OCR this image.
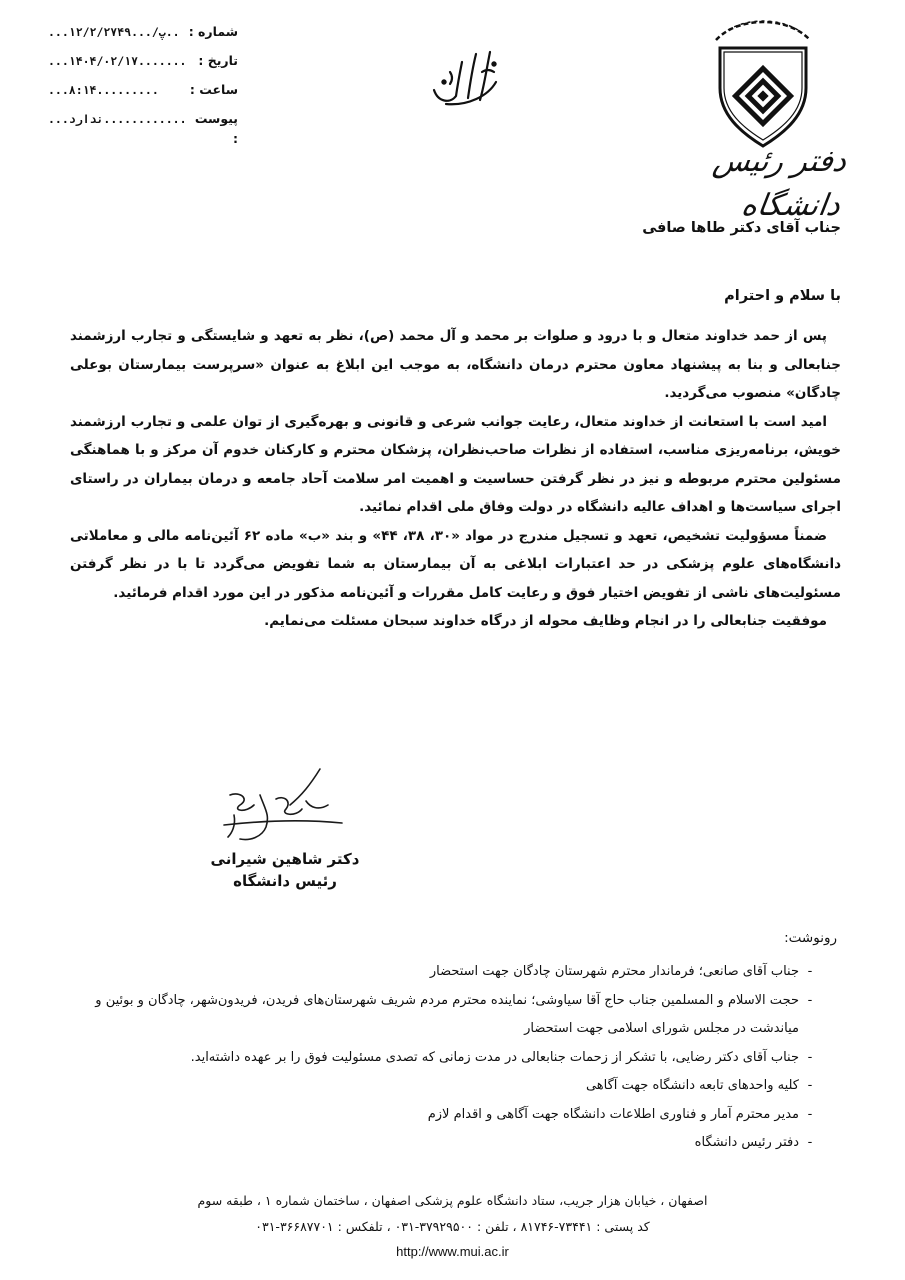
شماره :
...۱۲/۲/۲۷۴۹.../پ..
تاریخ :
...۱۴۰۴/۰۲/۱۷.......
ساعت :
...۸:۱۴.........
پیوست :
...ندارد............
دفتر رئیس دانشگاه
جناب آقای دکتر طاها صافی
با سلام و احترام

پس از حمد خداوند متعال و با درود و صلوات بر محمد و آل محمد (ص)، نظر به تعهد و شایستگی و تجارب ارزشمند جنابعالی و بنا به پیشنهاد معاون محترم درمان دانشگاه، به موجب این ابلاغ به عنوان «سرپرست بیمارستان بوعلی چادگان» منصوب می‌گردید.

امید است با استعانت از خداوند متعال، رعایت جوانب شرعی و قانونی و بهره‌گیری از توان علمی و تجارب ارزشمند خویش، برنامه‌ریزی مناسب، استفاده از نظرات صاحب‌نظران، پزشکان محترم و کارکنان خدوم آن مرکز و با هماهنگی مسئولین محترم مربوطه و نیز در نظر گرفتن حساسیت و اهمیت امر سلامت آحاد جامعه و درمان بیماران در راستای اجرای سیاست‌ها و اهداف عالیه دانشگاه در دولت وفاق ملی اقدام نمائید.

ضمناً مسؤولیت تشخیص، تعهد و تسجیل مندرج در مواد «۳۰، ۳۸، ۴۴» و بند «ب» ماده ۶۲ آئین‌نامه مالی و معاملاتی دانشگاه‌های علوم پزشکی در حد اعتبارات ابلاغی به آن بیمارستان به شما تفویض می‌گردد تا با در نظر گرفتن مسئولیت‌های ناشی از تفویض اختیار فوق و رعایت کامل مقررات و آئین‌نامه مذکور در این مورد اقدام فرمائید.

موفقیت جنابعالی را در انجام وظایف محوله از درگاه خداوند سبحان مسئلت می‌نمایم.

دکتر شاهین شیرانی
رئیس دانشگاه
رونوشت:
-
جناب آقای صانعی؛ فرماندار محترم شهرستان چادگان جهت استحضار
-
حجت الاسلام و المسلمین جناب حاج آقا سیاوشی؛ نماینده محترم مردم شریف شهرستان‌های فریدن، فریدون‌شهر، چادگان و بوئین و میاندشت در مجلس شورای اسلامی جهت استحضار
-
جناب آقای دکتر رضایی، با تشکر از زحمات جنابعالی در مدت زمانی که تصدی مسئولیت فوق را بر عهده داشته‌اید.
-
کلیه واحدهای تابعه دانشگاه جهت آگاهی
-
مدیر محترم آمار و فناوری اطلاعات دانشگاه جهت آگاهی و اقدام لازم
-
دفتر رئیس دانشگاه
اصفهان ، خیابان هزار جریب، ستاد دانشگاه علوم پزشکی اصفهان ، ساختمان شماره ۱ ، طبقه سوم
کد پستی : ۷۳۴۴۱-۸۱۷۴۶ ، تلفن : ۳۷۹۲۹۵۰۰-۰۳۱ ، تلفکس : ۳۶۶۸۷۷۰۱-۰۳۱
http://www.mui.ac.ir
